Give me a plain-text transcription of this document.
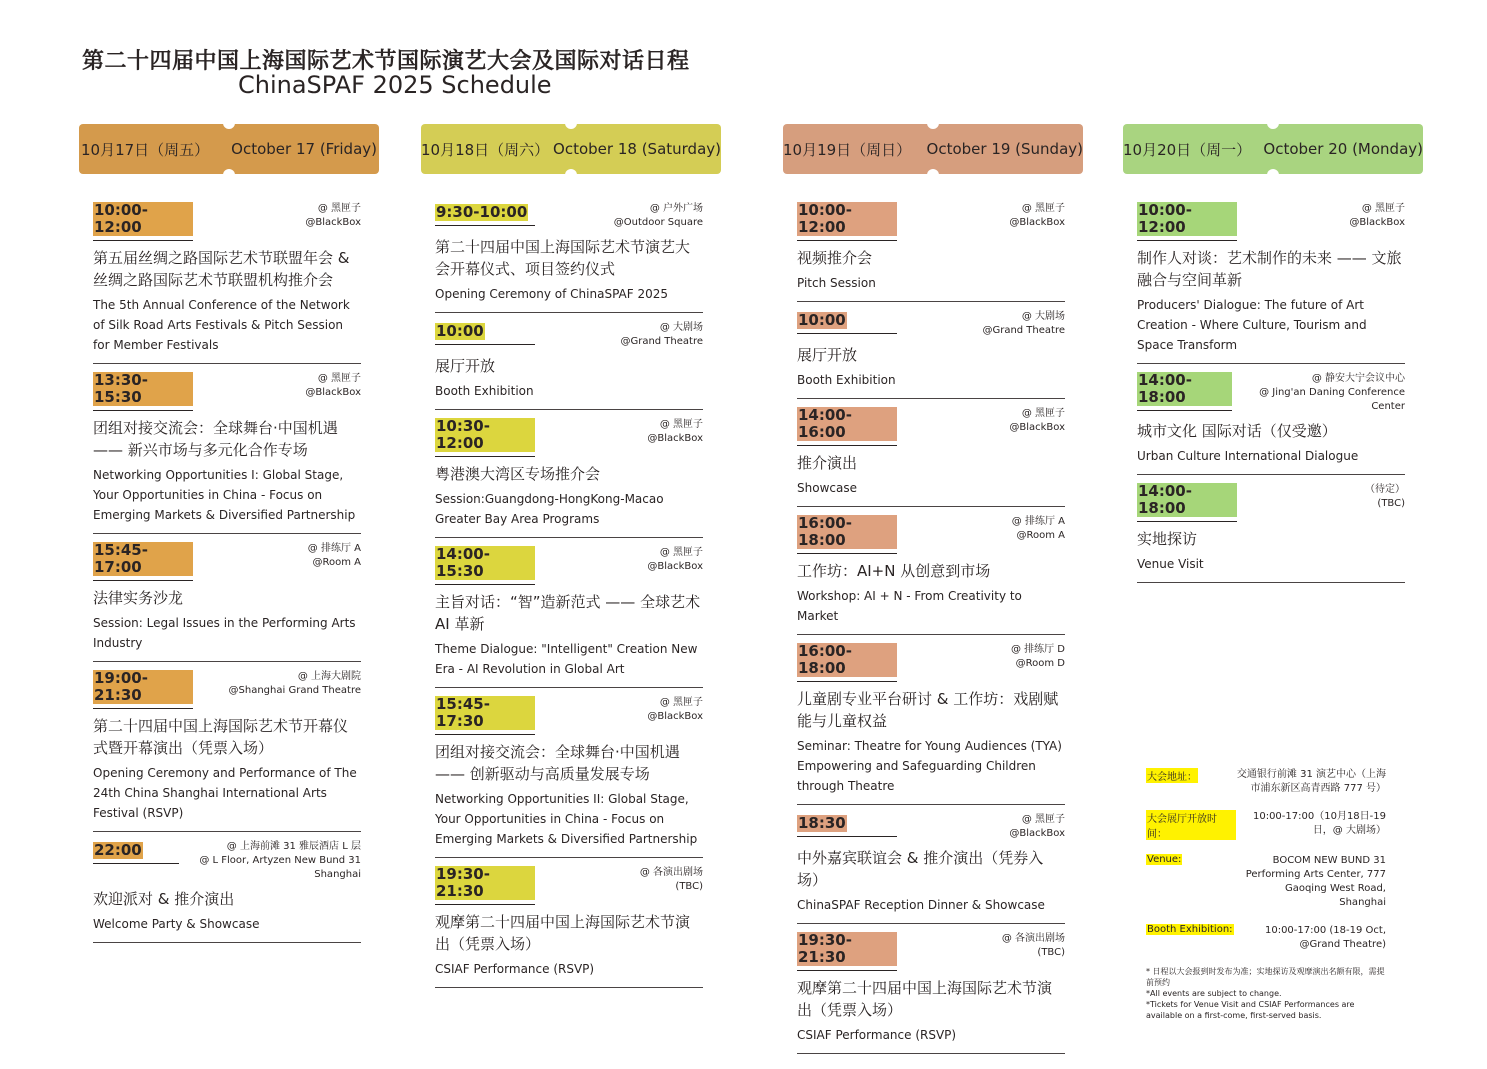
第二十四届中国上海国际艺术节国际演艺大会及国际对话日程
ChinaSPAF 2025 Schedule
10月17日（周五） October 17 (Friday)
10:00-12:00
@ 黑匣子
@BlackBox
第五届丝绸之路国际艺术节联盟年会 & 丝绸之路国际艺术节联盟机构推介会
The 5th Annual Conference of the Network of Silk Road Arts Festivals & Pitch Session for Member Festivals
13:30-15:30
@ 黑匣子
@BlackBox
团组对接交流会：全球舞台·中国机遇 —— 新兴市场与多元化合作专场
Networking Opportunities I: Global Stage, Your Opportunities in China - Focus on Emerging Markets & Diversified Partnership
15:45-17:00
@ 排练厅 A
@Room A
法律实务沙龙
Session: Legal Issues in the Performing Arts Industry
19:00-21:30
@ 上海大剧院
@Shanghai Grand Theatre
第二十四届中国上海国际艺术节开幕仪式暨开幕演出（凭票入场）
Opening Ceremony and Performance of The 24th China Shanghai International Arts Festival (RSVP)
22:00	@ 上海前滩 31 雅辰酒店 L 层
@ L Floor, Artyzen New Bund 31 Shanghai
欢迎派对 & 推介演出
Welcome Party & Showcase
10月18日（周六） October 18 (Saturday)
9:30-10:00	@ 户外广场
@Outdoor Square
第二十四届中国上海国际艺术节演艺大会开幕仪式、项目签约仪式
Opening Ceremony of ChinaSPAF 2025
10:00	@ 大剧场
@Grand Theatre
展厅开放
Booth Exhibition
10:30-12:00
@ 黑匣子
@BlackBox
粤港澳大湾区专场推介会
Session:Guangdong-HongKong-Macao Greater Bay Area Programs
14:00-15:30
@ 黑匣子
@BlackBox
主旨对话：“智”造新范式 —— 全球艺术 AI 革新
Theme Dialogue: "Intelligent" Creation New Era - AI Revolution in Global Art
15:45-17:30
@ 黑匣子
@BlackBox
团组对接交流会：全球舞台·中国机遇 —— 创新驱动与高质量发展专场
Networking Opportunities II: Global Stage, Your Opportunities in China - Focus on Emerging Markets & Diversified Partnership
19:30-21:30
@ 各演出剧场
(TBC)
观摩第二十四届中国上海国际艺术节演出（凭票入场）
CSIAF Performance (RSVP)
10月19日（周日） October 19 (Sunday)
10:00-12:00
@ 黑匣子
@BlackBox
视频推介会
Pitch Session
10:00	@ 大剧场
@Grand Theatre
展厅开放
Booth Exhibition
14:00-16:00
@ 黑匣子
@BlackBox
推介演出
Showcase
16:00-18:00
@ 排练厅 A
@Room A
工作坊：AI+N 从创意到市场
Workshop: AI + N - From Creativity to Market
16:00-18:00
@ 排练厅 D
@Room D
儿童剧专业平台研讨 & 工作坊：戏剧赋能与儿童权益
Seminar: Theatre for Young Audiences (TYA) Empowering and Safeguarding Children through Theatre
18:30	@ 黑匣子
@BlackBox
中外嘉宾联谊会 & 推介演出（凭券入场）
ChinaSPAF Reception Dinner & Showcase
19:30-21:30
@ 各演出剧场
(TBC)
观摩第二十四届中国上海国际艺术节演出（凭票入场）
CSIAF Performance (RSVP)
10月20日（周一） October 20 (Monday)
10:00-12:00
@ 黑匣子
@BlackBox
制作人对谈：艺术制作的未来 —— 文旅融合与空间革新
Producers' Dialogue: The future of Art Creation - Where Culture, Tourism and Space Transform
14:00-18:00
@ 静安大宁会议中心
@ Jing'an Daning Conference Center
城市文化 国际对话（仅受邀）
Urban Culture International Dialogue
14:00-18:00
（待定）
(TBC)
实地探访
Venue Visit
大会地址：	交通银行前滩 31 演艺中心（上海市浦东新区高青西路 777 号）
大会展厅开放时间：
10:00-17:00（10月18日-19日，@ 大剧场）
Venue:	BOCOM NEW BUND 31 Performing Arts Center, 777 Gaoqing West Road, Shanghai
Booth Exhibition:	10:00-17:00 (18-19 Oct, @Grand Theatre)
* 日程以大会报到时发布为准；实地探访及观摩演出名额有限，需提前预约
*All events are subject to change.
*Tickets for Venue Visit and CSIAF Performances are available on a first-come, first-served basis.
